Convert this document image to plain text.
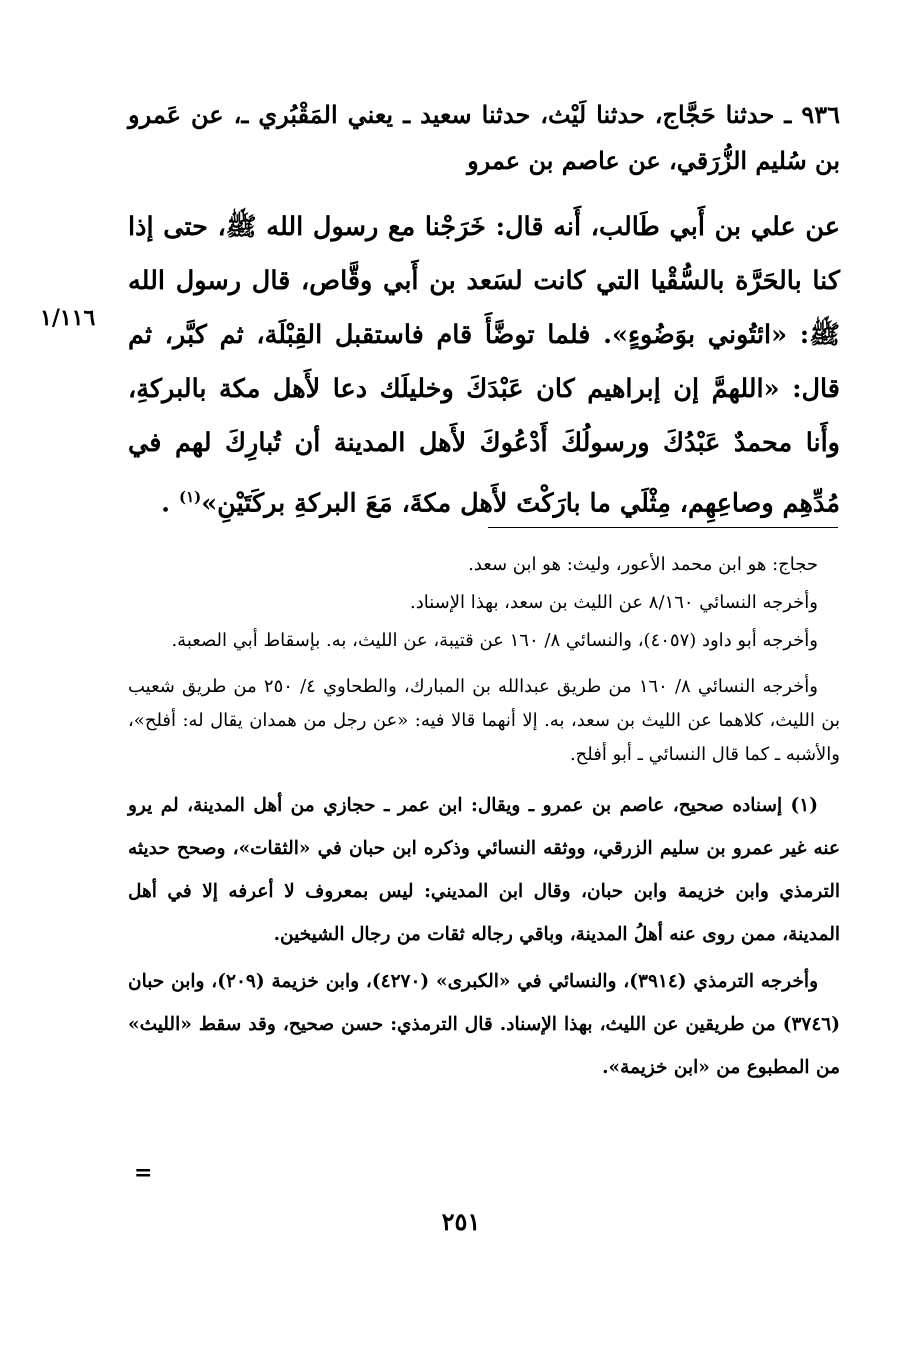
٩٣٦ ـ حدثنا حَجَّاج، حدثنا لَيْث، حدثنا سعيد ـ يعني المَقْبُري ـ، عن عَمرو بن سُليم الزُّرَقي، عن عاصم بن عمرو
عن علي بن أَبي طَالب، أَنه قال: خَرَجْنا مع رسول الله ﷺ، حتى إذا كنا بالحَرَّة بالسُّقْيا التي كانت لسَعد بن أَبي وقَّاص، قال رسول الله ﷺ: «ائتُوني بوَضُوءٍ». فلما توضَّأَ قام فاستقبل القِبْلَة، ثم كبَّر، ثم قال: «اللهمَّ إن إبراهيم كان عَبْدَكَ وخليلَك دعا لأَهل مكة بالبركةِ، وأَنا محمدٌ عَبْدُكَ ورسولُكَ أَدْعُوكَ لأَهل المدينة أن تُبارِكَ لهم في مُدِّهِم وصاعِهِم، مِثْلَي ما بارَكْتَ لأَهل مكةَ، مَعَ البركةِ بركَتَيْنِ»$^{(١)}$ .
١/١١٦

حجاج: هو ابن محمد الأعور، وليث: هو ابن سعد.

وأخرجه النسائي ٨/١٦٠ عن الليث بن سعد، بهذا الإسناد.

وأخرجه أبو داود (٤٠٥٧)، والنسائي ٨/ ١٦٠ عن قتيبة، عن الليث، به. بإسقاط أبي الصعبة.

وأخرجه النسائي ٨/ ١٦٠ من طريق عبدالله بن المبارك، والطحاوي ٤/ ٢٥٠ من طريق شعيب بن الليث، كلاهما عن الليث بن سعد، به. إلا أنهما قالا فيه: «عن رجل من همدان يقال له: أفلح»، والأشبه ـ كما قال النسائي ـ أبو أفلح.

(١) إسناده صحيح، عاصم بن عمرو ـ ويقال: ابن عمر ـ حجازي من أهل المدينة، لم يرو عنه غير عمرو بن سليم الزرقي، ووثقه النسائي وذكره ابن حبان في «الثقات»، وصحح حديثه الترمذي وابن خزيمة وابن حبان، وقال ابن المديني: ليس بمعروف لا أعرفه إلا في أهل المدينة، ممن روى عنه أهلُ المدينة، وباقي رجاله ثقات من رجال الشيخين.

وأخرجه الترمذي (٣٩١٤)، والنسائي في «الكبرى» (٤٢٧٠)، وابن خزيمة (٢٠٩)، وابن حبان (٣٧٤٦) من طريقين عن الليث، بهذا الإسناد. قال الترمذي: حسن صحيح، وقد سقط «الليث» من المطبوع من «ابن خزيمة».

=
٢٥١
